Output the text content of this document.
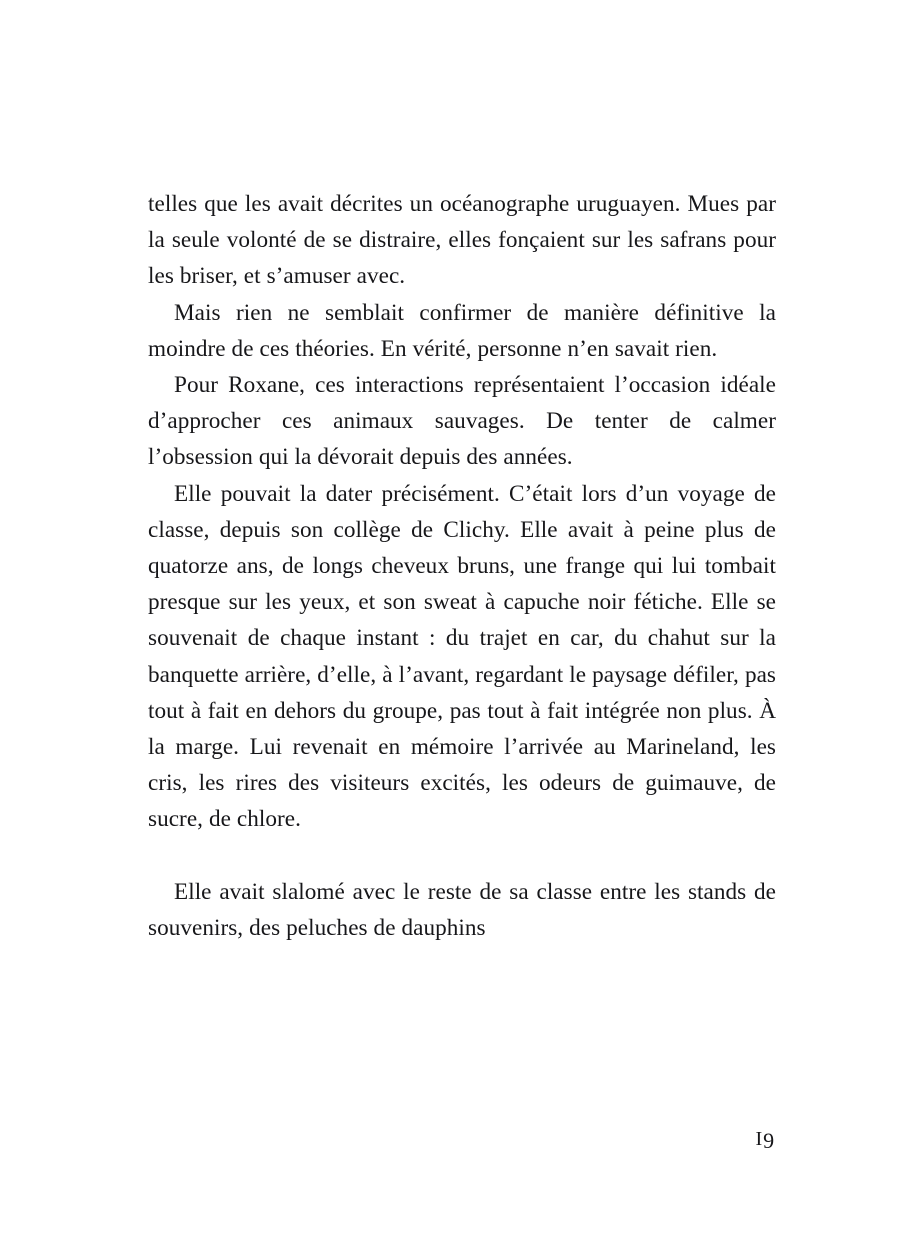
telles que les avait décrites un océanographe uruguayen. Mues par la seule volonté de se distraire, elles fonçaient sur les safrans pour les briser, et s’amuser avec.

Mais rien ne semblait confirmer de manière définitive la moindre de ces théories. En vérité, personne n’en savait rien.

Pour Roxane, ces interactions représentaient l’occasion idéale d’approcher ces animaux sauvages. De tenter de calmer l’obsession qui la dévorait depuis des années.

Elle pouvait la dater précisément. C’était lors d’un voyage de classe, depuis son collège de Clichy. Elle avait à peine plus de quatorze ans, de longs cheveux bruns, une frange qui lui tombait presque sur les yeux, et son sweat à capuche noir fétiche. Elle se souvenait de chaque instant : du trajet en car, du chahut sur la banquette arrière, d’elle, à l’avant, regardant le paysage défiler, pas tout à fait en dehors du groupe, pas tout à fait intégrée non plus. À la marge. Lui revenait en mémoire l’arrivée au Marineland, les cris, les rires des visiteurs excités, les odeurs de guimauve, de sucre, de chlore.

Elle avait slalomé avec le reste de sa classe entre les stands de souvenirs, des peluches de dauphins

I9
